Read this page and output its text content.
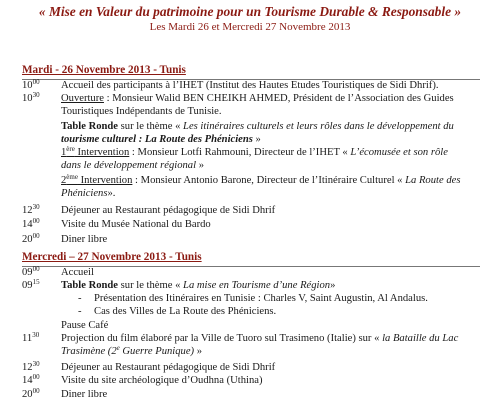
« Mise en Valeur du patrimoine pour un Tourisme Durable & Responsable »
Les Mardi 26 et Mercredi 27 Novembre 2013
Mardi - 26 Novembre 2013 - Tunis
$10^{00}$ Accueil des participants à l’IHET (Institut des Hautes Etudes Touristiques de Sidi Dhrif).
$10^{30}$ Ouverture : Monsieur Walid BEN CHEIKH AHMED, Président de l’Association des Guides
Touristiques Indépendants de Tunisie.
Table Ronde sur le thème « Les itinéraires culturels et leurs rôles dans le développement du
tourisme culturel : La Route des Phéniciens »
1ère Intervention : Monsieur Lotfi Rahmouni, Directeur de l’IHET « L’écomusée et son rôle
dans le développement régional »
2ème Intervention : Monsieur Antonio Barone, Directeur de l’Itinéraire Culturel « La Route des
Phéniciens».
$12^{30}$ Déjeuner au Restaurant pédagogique de Sidi Dhrif
$14^{00}$ Visite du Musée National du Bardo
$20^{00}$ Diner libre
Mercredi – 27 Novembre 2013 - Tunis
$09^{00}$ Accueil
$09^{15}$ Table Ronde sur le thème « La mise en Tourisme d’une Région»
- Présentation des Itinéraires en Tunisie : Charles V, Saint Augustin, Al Andalus.
- Cas des Villes de La Route des Phéniciens.
Pause Café
$11^{30}$ Projection du film élaboré par la Ville de Tuoro sul Trasimeno (Italie) sur « la Bataille du Lac
Trasimène (2e Guerre Punique) »
$12^{30}$ Déjeuner au Restaurant pédagogique de Sidi Dhrif
$14^{00}$ Visite du site archéologique d’Oudhna (Uthina)
$20^{00}$ Diner libre
